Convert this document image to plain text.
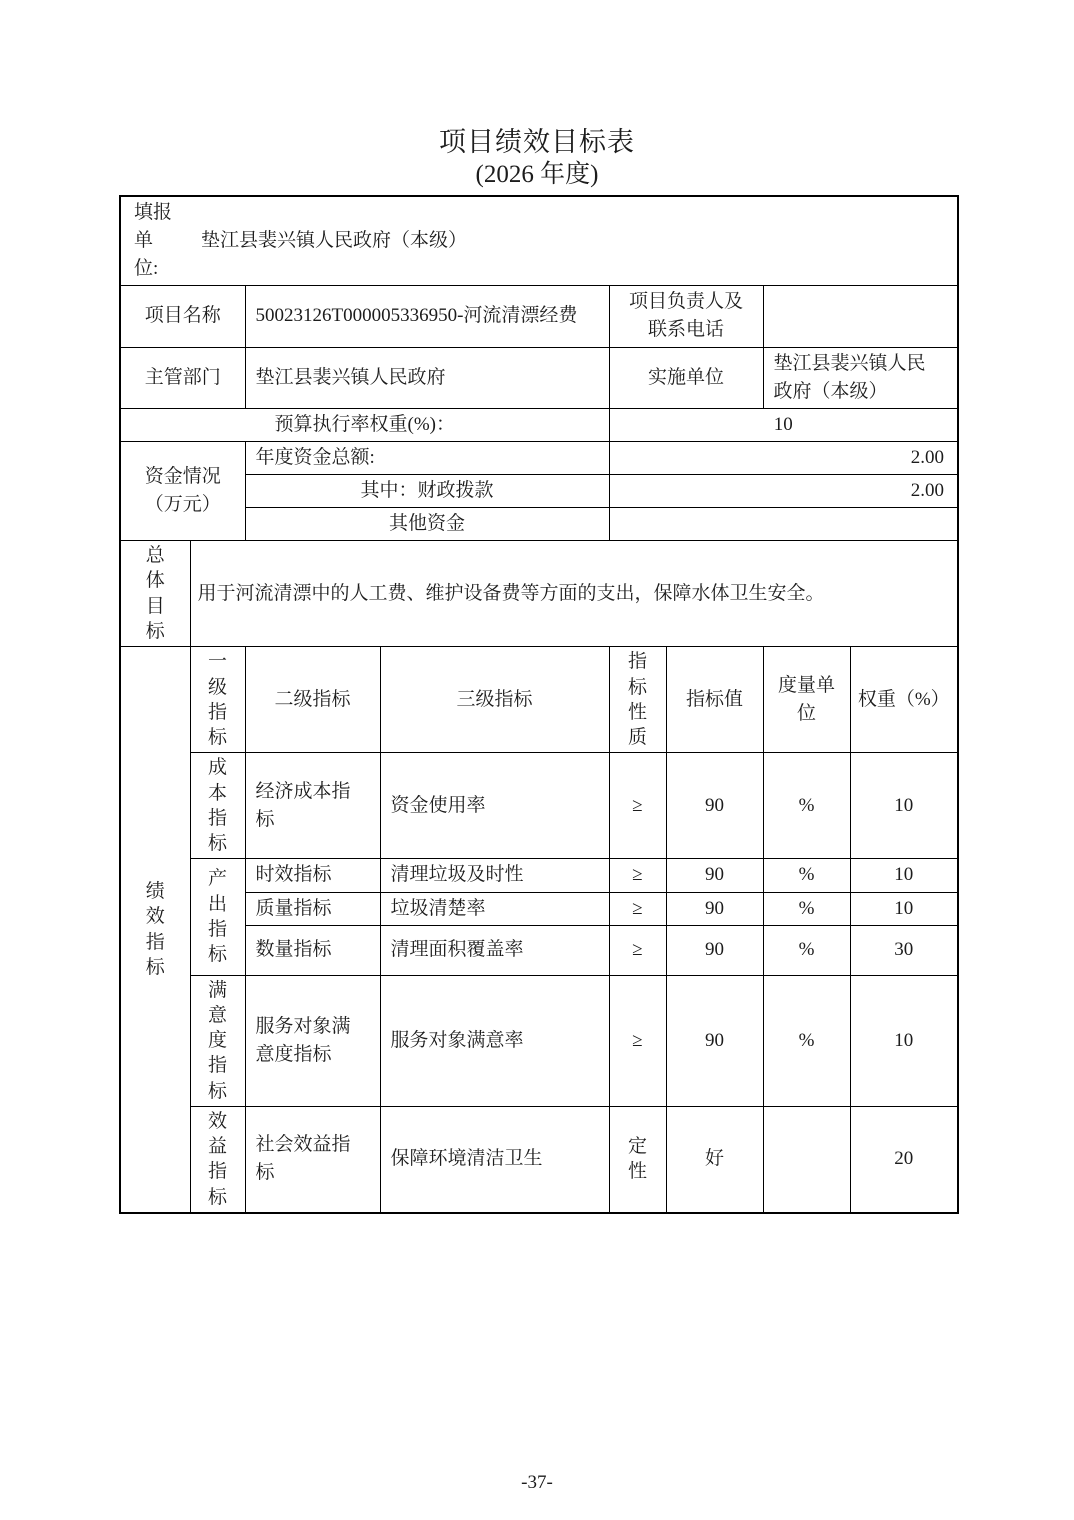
项目绩效目标表
(2026 年度)
填报单位:
垫江县裴兴镇人民政府（本级）							

项目名称		50023126T000005336950-河流清漂经费		项目负责人及联系电话			
主管部门		垫江县裴兴镇人民政府		实施单位		垫江县裴兴镇人民政府（本级）	
预算执行率权重(%)：				10			
资金情况（万元）		年度资金总额:		2.00			
		其中：财政拨款		2.00			
		其他资金					
总体目标	用于河流清漂中的人工费、维护设备费等方面的支出，保障水体卫生安全。						
绩效指标	一级指标	二级指标	三级指标	指标性质	指标值	度量单位	权重（%）
	成本指标	经济成本指标	资金使用率	≥	90	%	10
	产出指标	时效指标	清理垃圾及时性	≥	90	%	10
		质量指标	垃圾清楚率	≥	90	%	10
		数量指标	清理面积覆盖率	≥	90	%	30
	满意度指标	服务对象满意度指标	服务对象满意率	≥	90	%	10
	效益指标	社会效益指标	保障环境清洁卫生	定性	好		20
-37-
